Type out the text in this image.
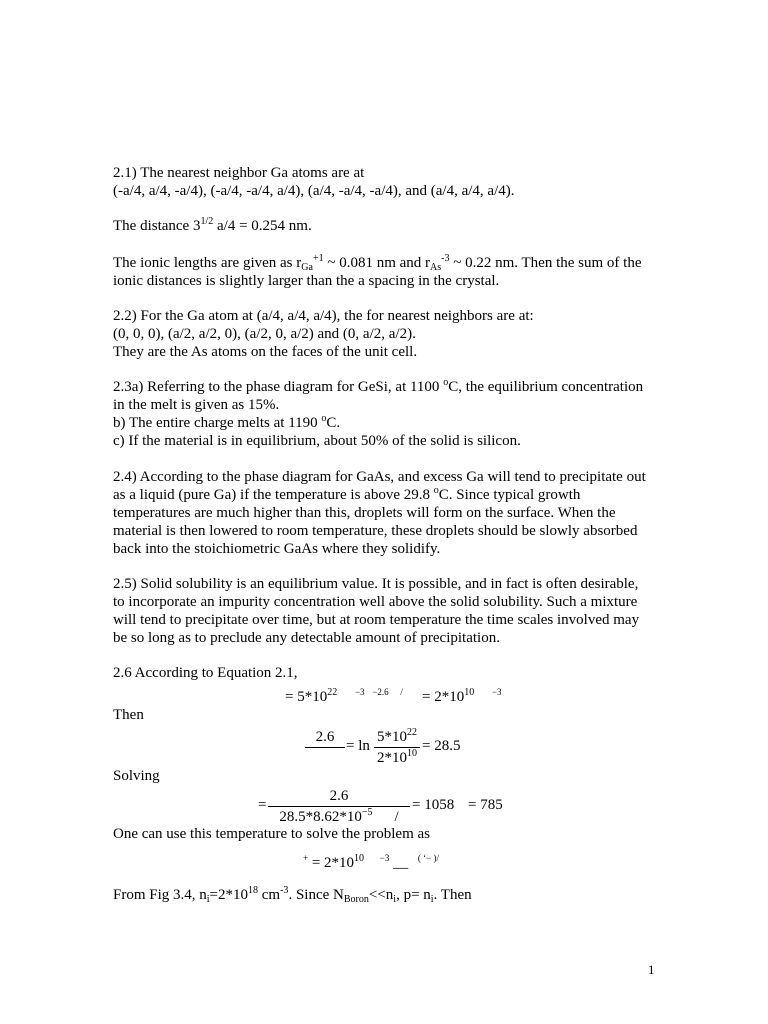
2.1) The nearest neighbor Ga atoms are at
(-a/4, a/4, -a/4), (-a/4, -a/4, a/4), (a/4, -a/4, -a/4), and (a/4, a/4, a/4).
The distance $3^{1/2}$ a/4 = 0.254 nm.
The ionic lengths are given as $r_{Ga}^{+1}$ ~ 0.081 nm and $r_{As}^{-3}$ ~ 0.22 nm. Then the sum of the
ionic distances is slightly larger than the a spacing in the crystal.
2.2) For the Ga atom at (a/4, a/4, a/4), the for nearest neighbors are at:
(0, 0, 0), (a/2, a/2, 0), (a/2, 0, a/2) and (0, a/2, a/2).
They are the As atoms on the faces of the unit cell.
2.3a) Referring to the phase diagram for GeSi, at 1100 $^o$C, the equilibrium concentration
in the melt is given as 15%.
b) The entire charge melts at 1190 $^o$C.
c) If the material is in equilibrium, about 50% of the solid is silicon.
2.4) According to the phase diagram for GaAs, and excess Ga will tend to precipitate out
as a liquid (pure Ga) if the temperature is above 29.8 $^o$C. Since typical growth
temperatures are much higher than this, droplets will form on the surface. When the
material is then lowered to room temperature, these droplets should be slowly absorbed
back into the stoichiometric GaAs where they solidify.
2.5) Solid solubility is an equilibrium value. It is possible, and in fact is often desirable,
to incorporate an impurity concentration well above the solid solubility. Such a mixture
will tend to precipitate over time, but at room temperature the time scales involved may
be so long as to preclude any detectable amount of precipitation.
2.6 According to Equation 2.1,
= $5*10^{22}$ $^{-3}$ $^{-2.6}$ $^/ = 2*10^{10}$ $^{-3}$
Then
2.6

= ln
$5*10^{22}$
$2*10^{10} = 28.5$
Solving
=
2.6
$28.5*8.62*10^{-5}$ /
= 1058 = 785
One can use this temperature to solve the problem as
$^+ = 2*10^{10}$ $^{-3}$ __ ( ‘− )/
From Fig 3.4, $n_i=2*10^{18}$ $cm^{-3}$. Since $N_{Boron}<<n_i$, $p= n_i$. Then
1
